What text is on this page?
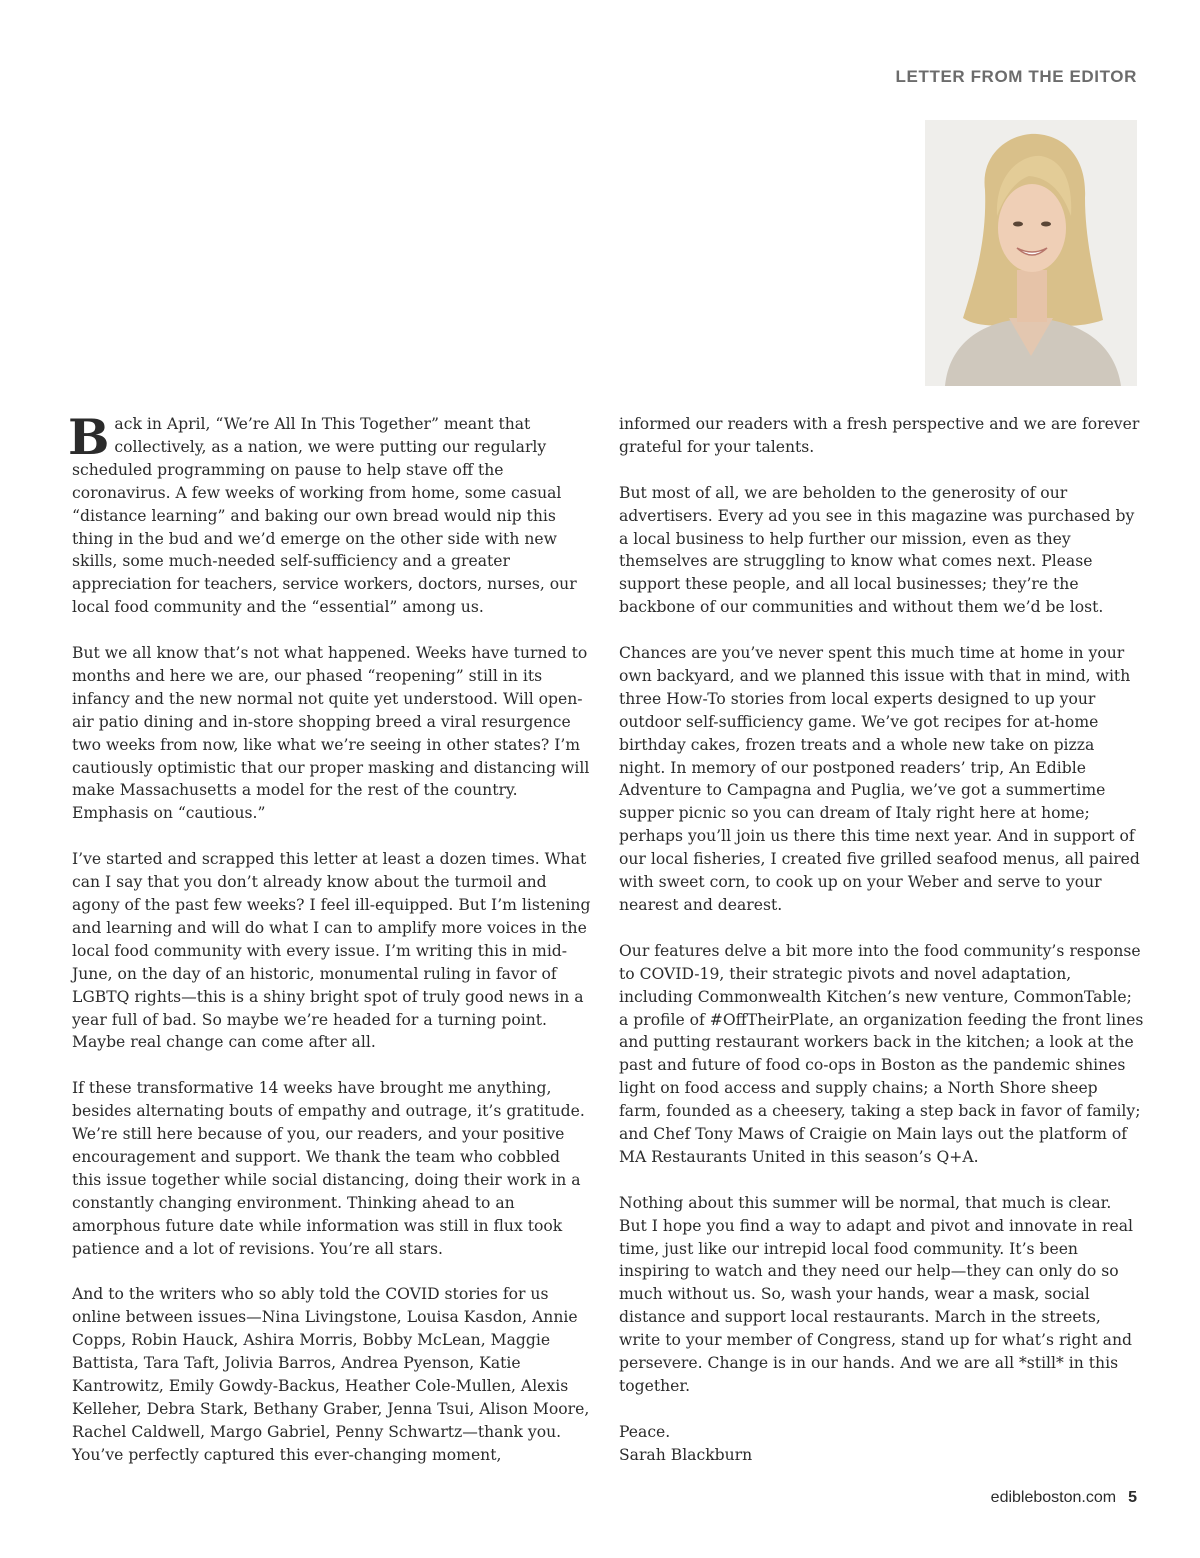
LETTER FROM THE EDITOR

Back in April, “We’re All In This Together” meant that collectively, as a nation, we were putting our regularly scheduled programming on pause to help stave off the coronavirus. A few weeks of working from home, some casual “distance learning” and baking our own bread would nip this thing in the bud and we’d emerge on the other side with new skills, some much-needed self-sufficiency and a greater appreciation for teachers, service workers, doctors, nurses, our local food community and the “essential” among us.

But we all know that’s not what happened. Weeks have turned to months and here we are, our phased “reopening” still in its infancy and the new normal not quite yet understood. Will open-air patio dining and in-store shopping breed a viral resurgence two weeks from now, like what we’re seeing in other states? I’m cautiously optimistic that our proper masking and distancing will make Massachusetts a model for the rest of the country. Emphasis on “cautious.”

I’ve started and scrapped this letter at least a dozen times. What can I say that you don’t already know about the turmoil and agony of the past few weeks? I feel ill-equipped. But I’m listening and learning and will do what I can to amplify more voices in the local food community with every issue. I’m writing this in mid-June, on the day of an historic, monumental ruling in favor of LGBTQ rights—this is a shiny bright spot of truly good news in a year full of bad. So maybe we’re headed for a turning point. Maybe real change can come after all.

If these transformative 14 weeks have brought me anything, besides alternating bouts of empathy and outrage, it’s gratitude. We’re still here because of you, our readers, and your positive encouragement and support. We thank the team who cobbled this issue together while social distancing, doing their work in a constantly changing environment. Thinking ahead to an amorphous future date while information was still in flux took patience and a lot of revisions. You’re all stars.

And to the writers who so ably told the COVID stories for us online between issues—Nina Livingstone, Louisa Kasdon, Annie Copps, Robin Hauck, Ashira Morris, Bobby McLean, Maggie Battista, Tara Taft, Jolivia Barros, Andrea Pyenson, Katie Kantrowitz, Emily Gowdy-Backus, Heather Cole-Mullen, Alexis Kelleher, Debra Stark, Bethany Graber, Jenna Tsui, Alison Moore, Rachel Caldwell, Margo Gabriel, Penny Schwartz—thank you. You’ve perfectly captured this ever-changing moment,

informed our readers with a fresh perspective and we are forever grateful for your talents.

But most of all, we are beholden to the generosity of our advertisers. Every ad you see in this magazine was purchased by a local business to help further our mission, even as they themselves are struggling to know what comes next. Please support these people, and all local businesses; they’re the backbone of our communities and without them we’d be lost.

Chances are you’ve never spent this much time at home in your own backyard, and we planned this issue with that in mind, with three How-To stories from local experts designed to up your outdoor self-sufficiency game. We’ve got recipes for at-home birthday cakes, frozen treats and a whole new take on pizza night. In memory of our postponed readers’ trip, An Edible Adventure to Campagna and Puglia, we’ve got a summertime supper picnic so you can dream of Italy right here at home; perhaps you’ll join us there this time next year. And in support of our local fisheries, I created five grilled seafood menus, all paired with sweet corn, to cook up on your Weber and serve to your nearest and dearest.

Our features delve a bit more into the food community’s response to COVID-19, their strategic pivots and novel adaptation, including Commonwealth Kitchen’s new venture, CommonTable; a profile of #OffTheirPlate, an organization feeding the front lines and putting restaurant workers back in the kitchen; a look at the past and future of food co-ops in Boston as the pandemic shines light on food access and supply chains; a North Shore sheep farm, founded as a cheesery, taking a step back in favor of family; and Chef Tony Maws of Craigie on Main lays out the platform of MA Restaurants United in this season’s Q+A.

Nothing about this summer will be normal, that much is clear. But I hope you find a way to adapt and pivot and innovate in real time, just like our intrepid local food community. It’s been inspiring to watch and they need our help—they can only do so much without us. So, wash your hands, wear a mask, social distance and support local restaurants. March in the streets, write to your member of Congress, stand up for what’s right and persevere. Change is in our hands. And we are all *still* in this together.

Peace.

Sarah Blackburn

edibleboston.com 5
